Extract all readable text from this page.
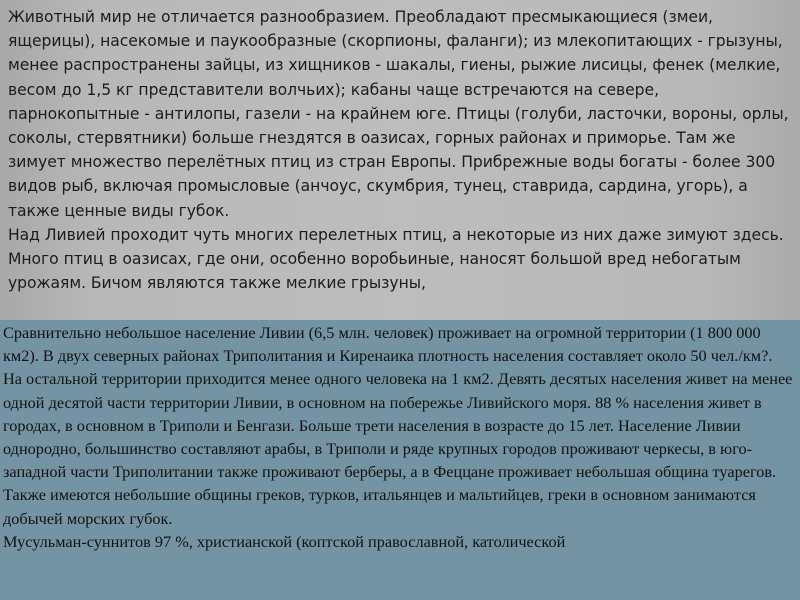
Животный мир не отличается разнообразием. Преобладают пресмыкающиеся (змеи, ящерицы), насекомые и паукообразные (скорпионы, фаланги); из млекопитающих - грызуны, менее распространены зайцы, из хищников - шакалы, гиены, рыжие лисицы, фенек (мелкие, весом до 1,5 кг представители волчьих); кабаны чаще встречаются на севере, парнокопытные - антилопы, газели - на крайнем юге. Птицы (голуби, ласточки, вороны, орлы, соколы, стервятники) больше гнездятся в оазисах, горных районах и приморье. Там же зимует множество перелётных птиц из стран Европы. Прибрежные воды богаты - более 300 видов рыб, включая промысловые (анчоус, скумбрия, тунец, ставрида, сардина, угорь), а также ценные виды губок.

Над Ливией проходит чуть многих перелетных птиц, а некоторые из них даже зимуют здесь. Много птиц в оазисах, где они, особенно воробьиные, наносят большой вред небогатым урожаям. Бичом являются также мелкие грызуны,

Сравнительно небольшое население Ливии (6,5 млн. человек) проживает на огромной территории (1 800 000 км2). В двух северных районах Триполитания и Киренаика плотность населения составляет около 50 чел./км?. На остальной территории приходится менее одного человека на 1 км2. Девять десятых населения живет на менее одной десятой части территории Ливии, в основном на побережье Ливийского моря. 88 % населения живет в городах, в основном в Триполи и Бенгази. Больше трети населения в возрасте до 15 лет. Население Ливии однородно, большинство составляют арабы, в Триполи и ряде крупных городов проживают черкесы, в юго-западной части Триполитании также проживают берберы, а в Феццане проживает небольшая община туарегов. Также имеются небольшие общины греков, турков, итальянцев и мальтийцев, греки в основном занимаются добычей морских губок.

Мусульман-суннитов 97 %, христианской (коптской православной, католической
